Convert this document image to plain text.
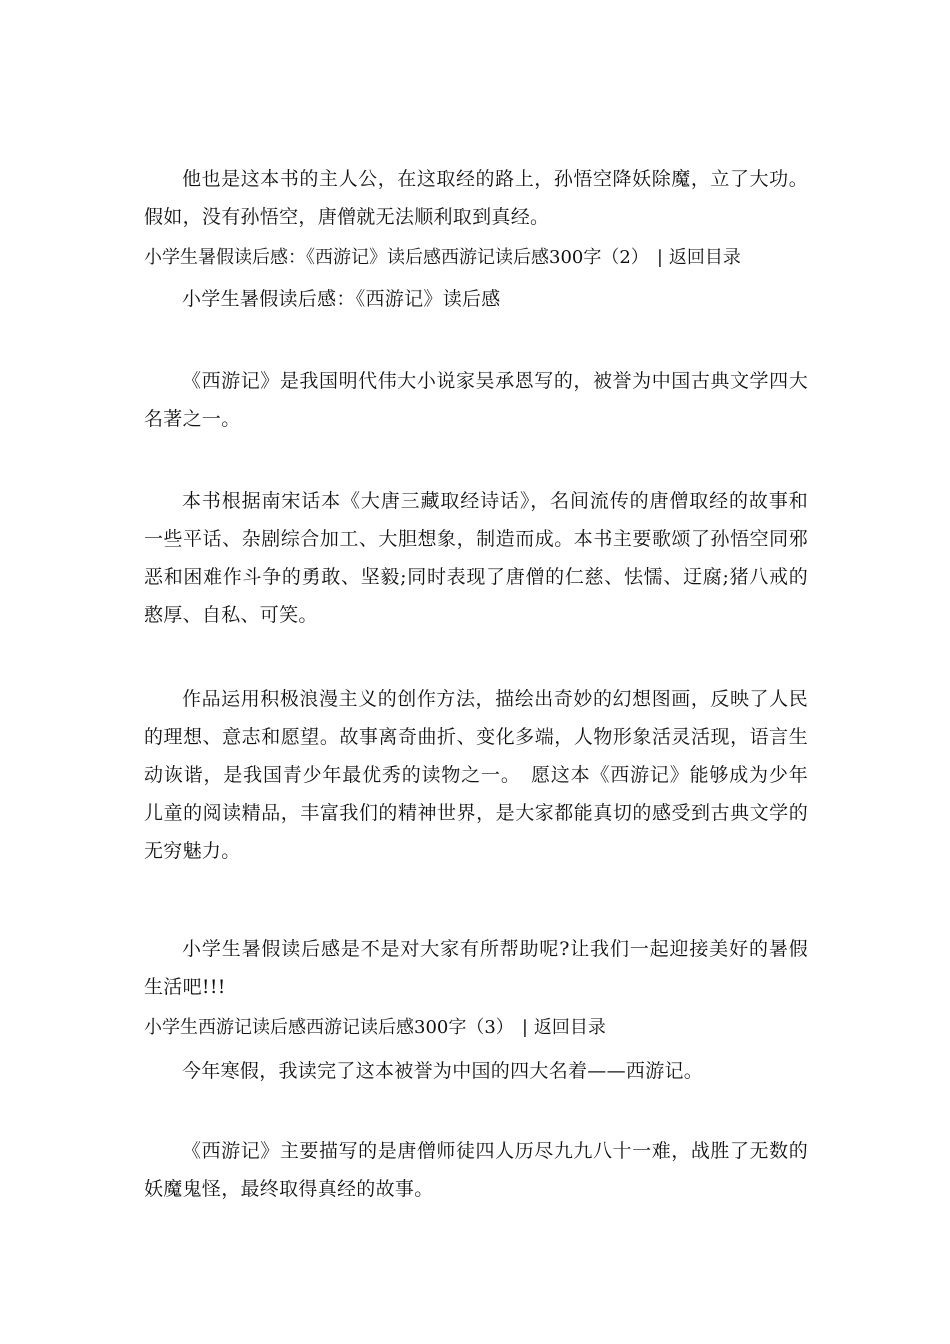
他也是这本书的主人公，在这取经的路上，孙悟空降妖除魔，立了大功。假如，没有孙悟空，唐僧就无法顺利取到真经。

小学生暑假读后感：《西游记》读后感西游记读后感300字（2） | 返回目录

小学生暑假读后感：《西游记》读后感

《西游记》是我国明代伟大小说家吴承恩写的，被誉为中国古典文学四大名著之一。

本书根据南宋话本《大唐三藏取经诗话》，名间流传的唐僧取经的故事和一些平话、杂剧综合加工、大胆想象，制造而成。本书主要歌颂了孙悟空同邪恶和困难作斗争的勇敢、坚毅;同时表现了唐僧的仁慈、怯懦、迂腐;猪八戒的憨厚、自私、可笑。

作品运用积极浪漫主义的创作方法，描绘出奇妙的幻想图画，反映了人民的理想、意志和愿望。故事离奇曲折、变化多端，人物形象活灵活现，语言生动诙谐，是我国青少年最优秀的读物之一。　愿这本《西游记》能够成为少年儿童的阅读精品，丰富我们的精神世界，是大家都能真切的感受到古典文学的无穷魅力。

小学生暑假读后感是不是对大家有所帮助呢?让我们一起迎接美好的暑假生活吧!!!

小学生西游记读后感西游记读后感300字（3） | 返回目录

今年寒假，我读完了这本被誉为中国的四大名着——西游记。

《西游记》主要描写的是唐僧师徒四人历尽九九八十一难，战胜了无数的妖魔鬼怪，最终取得真经的故事。
